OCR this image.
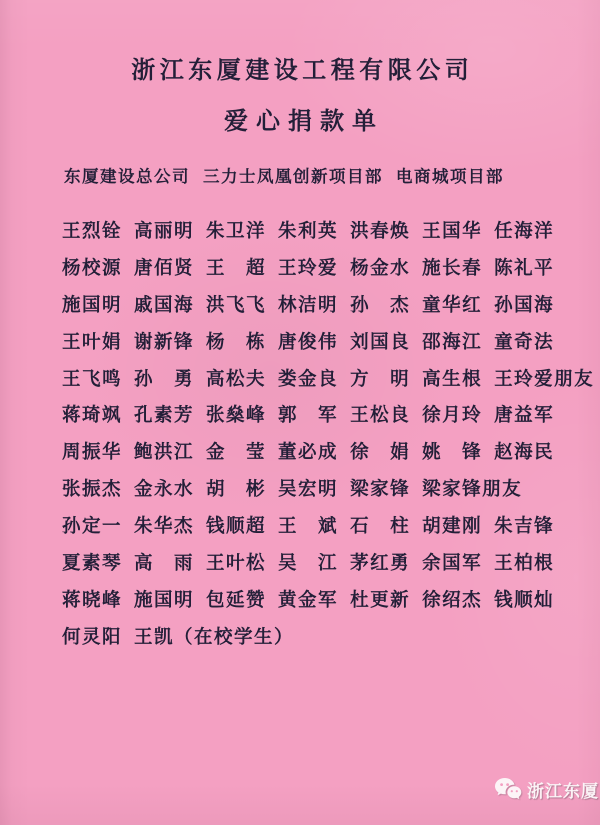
浙江东厦建设工程有限公司
爱心捐款单
东厦建设总公司 三力士凤凰创新项目部 电商城项目部
王烈铨 高丽明 朱卫洋 朱利英 洪春焕 王国华 任海洋
杨校源 唐佰贤 王　超 王玲爱 杨金水 施长春 陈礼平
施国明 戚国海 洪飞飞 林洁明 孙　杰 童华红 孙国海
王叶娟 谢新锋 杨　栋 唐俊伟 刘国良 邵海江 童奇法
王飞鸣 孙　勇 高松夫 娄金良 方　明 高生根 王玲爱朋友
蒋琦飒 孔素芳 张燊峰 郭　军 王松良 徐月玲 唐益军
周振华 鲍洪江 金　莹 董必成 徐　娟 姚　锋 赵海民
张振杰 金永水 胡　彬 吴宏明 梁家锋 梁家锋朋友
孙定一 朱华杰 钱顺超 王　斌 石　柱 胡建刚 朱吉锋
夏素琴 高　雨 王叶松 吴　江 茅红勇 余国军 王柏根
蒋晓峰 施国明 包延赞 黄金军 杜更新 徐绍杰 钱顺灿
何灵阳 王凯（在校学生）
浙江东厦
